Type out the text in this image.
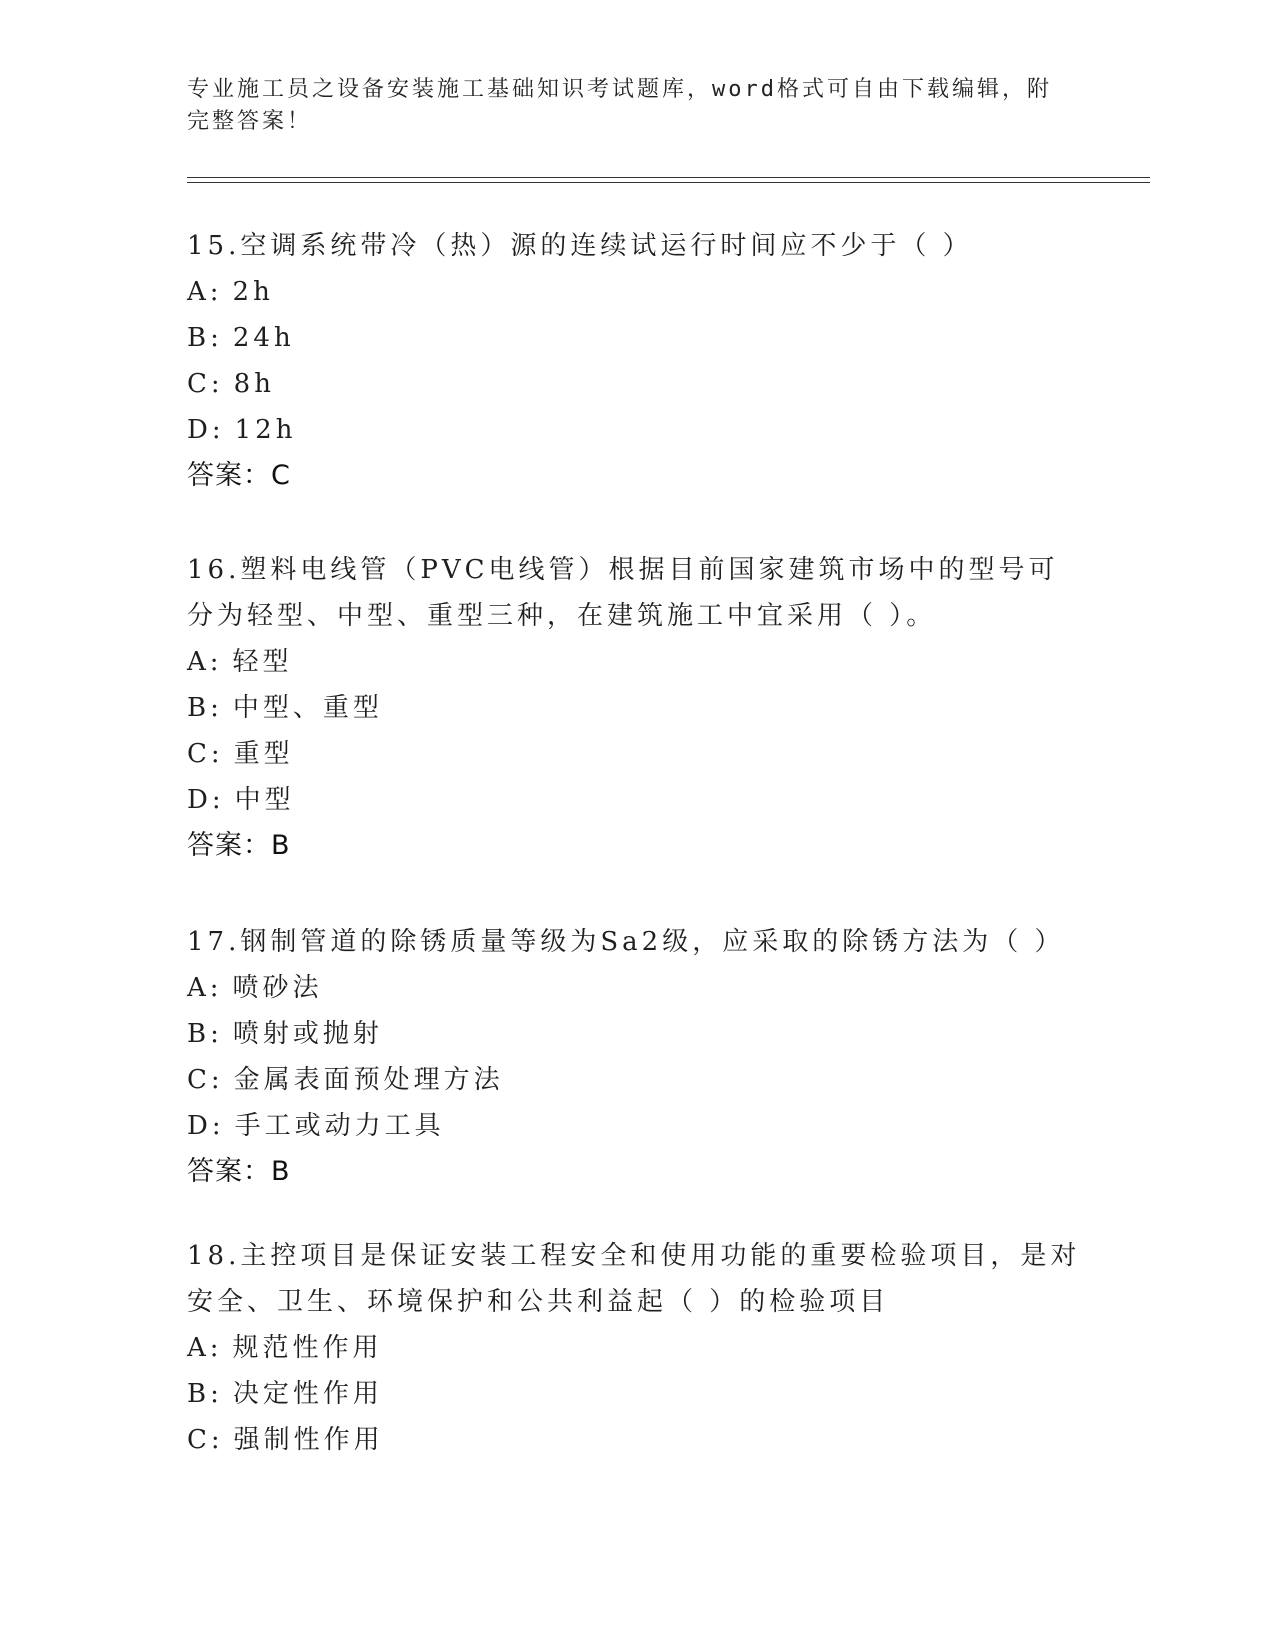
专业施工员之设备安装施工基础知识考试题库，word格式可自由下载编辑，附完整答案！

15.空调系统带冷（热）源的连续试运行时间应不少于（ ）

A: 2h
B: 24h
C: 8h
D: 12h
答案：C

16.塑料电线管（PVC电线管）根据目前国家建筑市场中的型号可分为轻型、中型、重型三种，在建筑施工中宜采用（ ）。

A: 轻型
B: 中型、重型
C: 重型
D: 中型
答案：B

17.钢制管道的除锈质量等级为Sa2级，应采取的除锈方法为（ ）

A: 喷砂法
B: 喷射或抛射
C: 金属表面预处理方法
D: 手工或动力工具
答案：B

18.主控项目是保证安装工程安全和使用功能的重要检验项目，是对安全、卫生、环境保护和公共利益起（ ）的检验项目

A: 规范性作用
B: 决定性作用
C: 强制性作用
